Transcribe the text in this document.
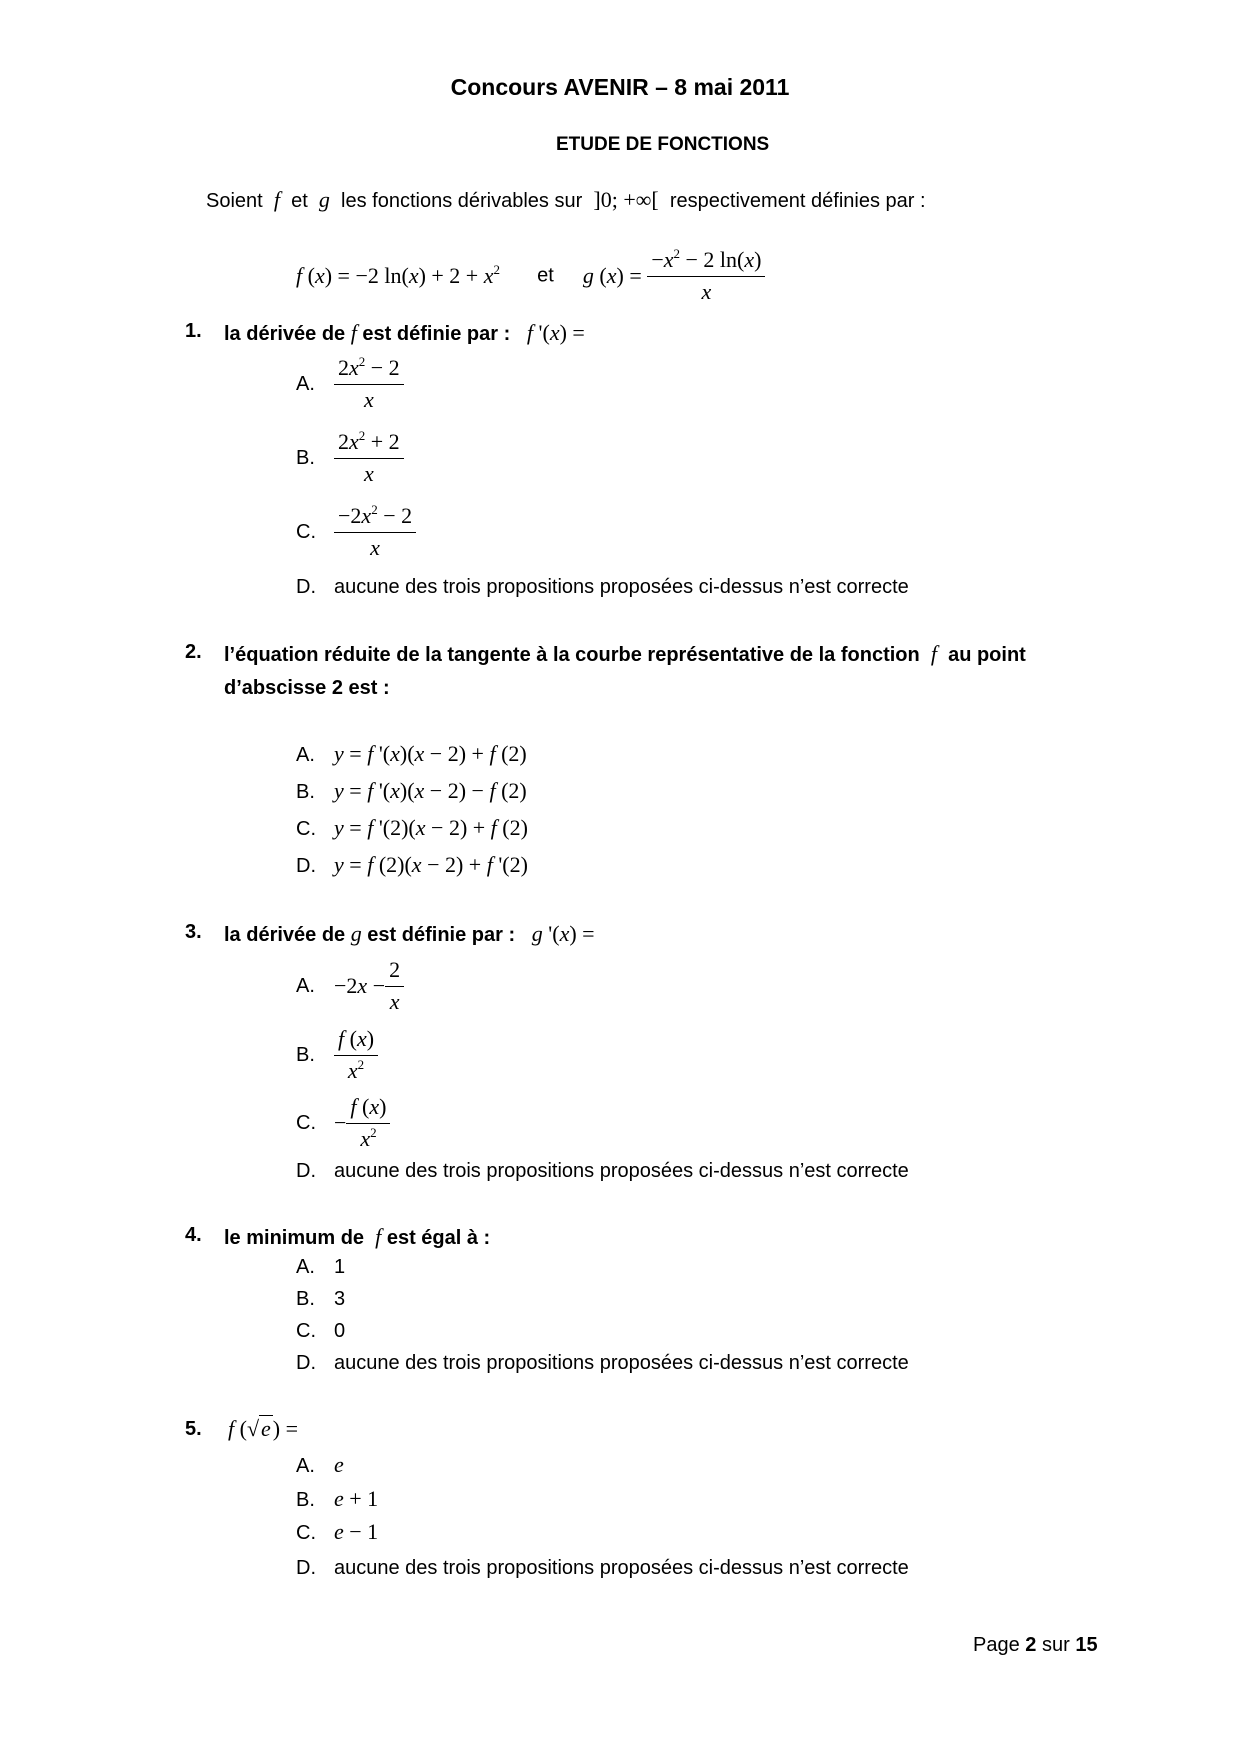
Concours AVENIR – 8 mai 2011
ETUDE DE FONCTIONS
Soient f et g les fonctions dérivables sur ]0; +∞[ respectivement définies par :
f (x) = −2 $\ln(x) + 2 + x^2$ et g $(x) = \frac{-x^2 - 2 \ln(x)}{x}$
1. la dérivée de f est définie par :   f '(x) =
A. $\frac{2x^2 - 2}{x}$
B. $\frac{2x^2 + 2}{x}$
C. $\frac{-2x^2 - 2}{x}$
D. aucune des trois propositions proposées ci-dessus n’est correcte
2. l’équation réduite de la tangente à la courbe représentative de la fonction  f  au point
d’abscisse 2 est :
A. y = f '(x)(x − 2) + f (2)
B. y = f '(x)(x − 2) − f (2)
C. y = f '(2)(x − 2) + f (2)
D. y = f (2)(x − 2) + f '(2)
3. la dérivée de g est définie par :   g '(x) =
A. $-2x - \frac{2}{x}$
B. $\frac{f (x)}{x^2}$
C. − $\frac{f (x)}{x^2}$
D. aucune des trois propositions proposées ci-dessus n’est correcte
4. le minimum de  f est égal à :
A. 1
B. 3
C. 0
D. aucune des trois propositions proposées ci-dessus n’est correcte
5. f (√e) =
A. e
B. e + 1
C. e − 1
D. aucune des trois propositions proposées ci-dessus n’est correcte
Page 2 sur 15
